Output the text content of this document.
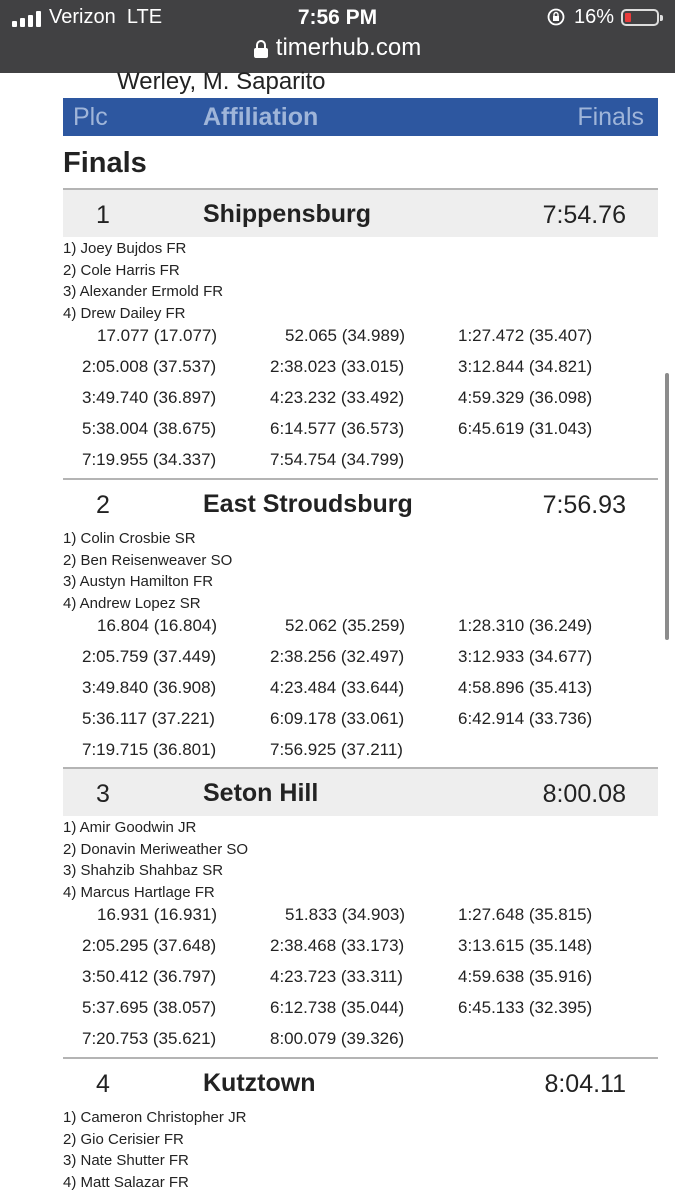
Verizon LTE	7:56 PM	16%
timerhub.com
Werley, M. Saparito
Plc	Affiliation	Finals
Finals
1	Shippensburg	7:54.76
1) Joey Bujdos FR
2) Cole Harris FR
3) Alexander Ermold FR
4) Drew Dailey FR
17.077 (17.077)	52.065 (34.989)	1:27.472 (35.407)
2:05.008 (37.537)	2:38.023 (33.015)	3:12.844 (34.821)
3:49.740 (36.897)	4:23.232 (33.492)	4:59.329 (36.098)
5:38.004 (38.675)	6:14.577 (36.573)	6:45.619 (31.043)
7:19.955 (34.337)	7:54.754 (34.799)
2	East Stroudsburg	7:56.93
1) Colin Crosbie SR
2) Ben Reisenweaver SO
3) Austyn Hamilton FR
4) Andrew Lopez SR
16.804 (16.804)	52.062 (35.259)	1:28.310 (36.249)
2:05.759 (37.449)	2:38.256 (32.497)	3:12.933 (34.677)
3:49.840 (36.908)	4:23.484 (33.644)	4:58.896 (35.413)
5:36.117 (37.221)	6:09.178 (33.061)	6:42.914 (33.736)
7:19.715 (36.801)	7:56.925 (37.211)
3	Seton Hill	8:00.08
1) Amir Goodwin JR
2) Donavin Meriweather SO
3) Shahzib Shahbaz SR
4) Marcus Hartlage FR
16.931 (16.931)	51.833 (34.903)	1:27.648 (35.815)
2:05.295 (37.648)	2:38.468 (33.173)	3:13.615 (35.148)
3:50.412 (36.797)	4:23.723 (33.311)	4:59.638 (35.916)
5:37.695 (38.057)	6:12.738 (35.044)	6:45.133 (32.395)
7:20.753 (35.621)	8:00.079 (39.326)
4	Kutztown	8:04.11
1) Cameron Christopher JR
2) Gio Cerisier FR
3) Nate Shutter FR
4) Matt Salazar FR
